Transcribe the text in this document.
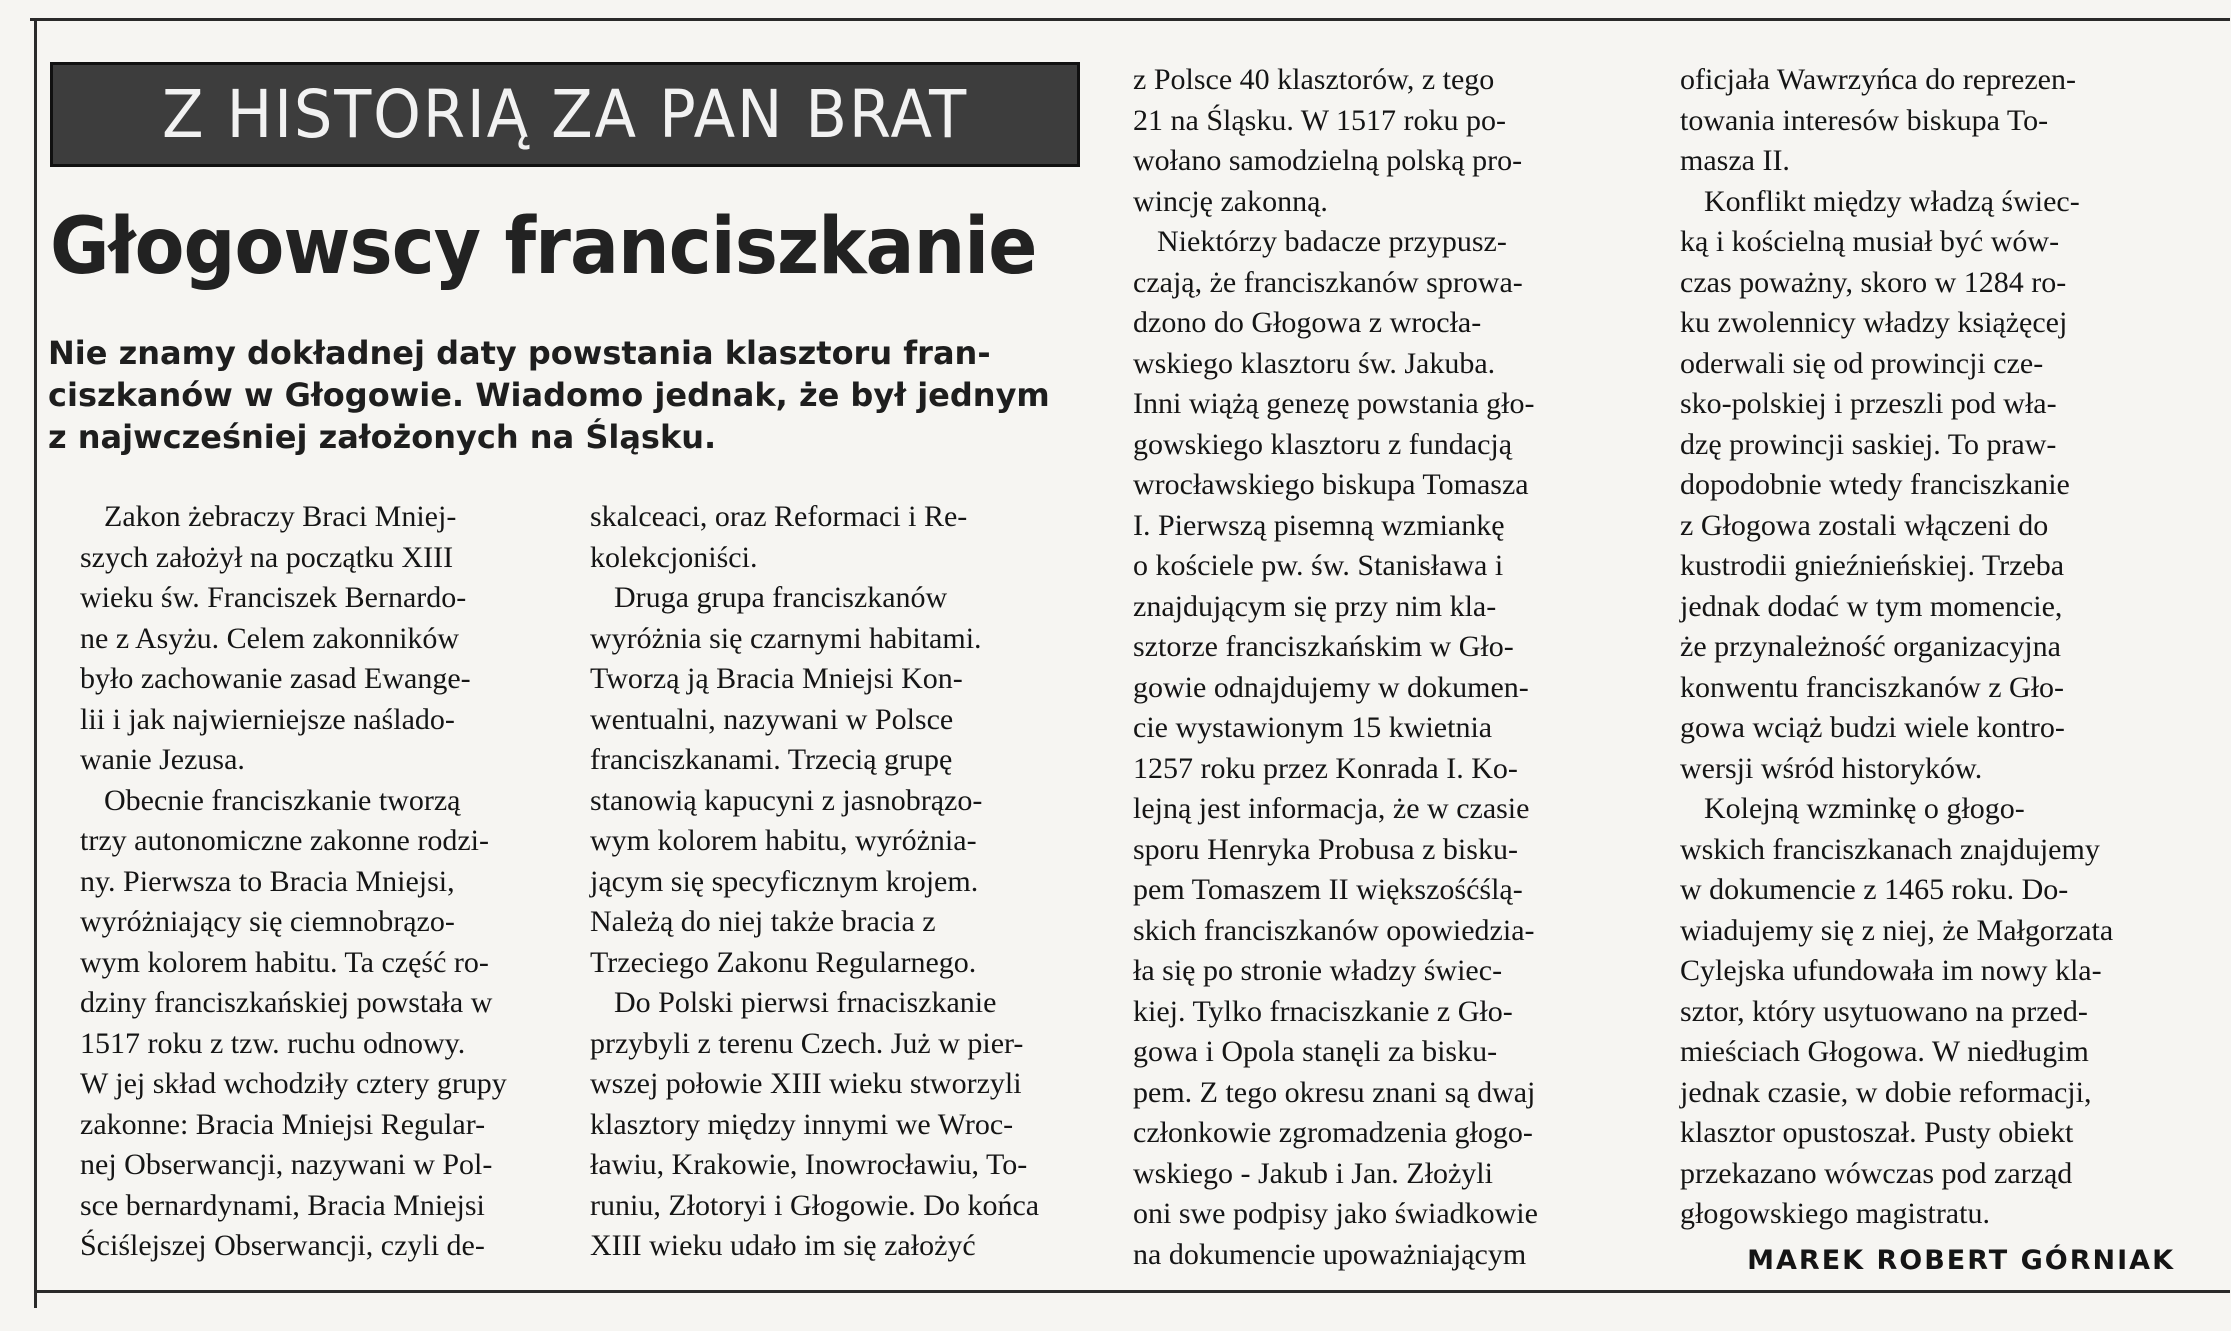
Z HISTORIĄ ZA PAN BRAT
Głogowscy franciszkanie
Nie znamy dokładnej daty powstania klasztoru fran-
ciszkanów w Głogowie. Wiadomo jednak, że był jednym
z najwcześniej założonych na Śląsku.
Zakon żebraczy Braci Mniej-
szych założył na początku XIII
wieku św. Franciszek Bernardo-
ne z Asyżu. Celem zakonników
było zachowanie zasad Ewange-
lii i jak najwierniejsze naślado-
wanie Jezusa.
Obecnie franciszkanie tworzą
trzy autonomiczne zakonne rodzi-
ny. Pierwsza to Bracia Mniejsi,
wyróżniający się ciemnobrązo-
wym kolorem habitu. Ta część ro-
dziny franciszkańskiej powstała w
1517 roku z tzw. ruchu odnowy.
W jej skład wchodziły cztery grupy
zakonne: Bracia Mniejsi Regular-
nej Obserwancji, nazywani w Pol-
sce bernardynami, Bracia Mniejsi
Ściślejszej Obserwancji, czyli de-
skalceaci, oraz Reformaci i Re-
kolekcjoniści.
Druga grupa franciszkanów
wyróżnia się czarnymi habitami.
Tworzą ją Bracia Mniejsi Kon-
wentualni, nazywani w Polsce
franciszkanami. Trzecią grupę
stanowią kapucyni z jasnobrązo-
wym kolorem habitu, wyróżnia-
jącym się specyficznym krojem.
Należą do niej także bracia z
Trzeciego Zakonu Regularnego.
Do Polski pierwsi frnaciszkanie
przybyli z terenu Czech. Już w pier-
wszej połowie XIII wieku stworzyli
klasztory między innymi we Wroc-
ławiu, Krakowie, Inowrocławiu, To-
runiu, Złotoryi i Głogowie. Do końca
XIII wieku udało im się założyć
z Polsce 40 klasztorów, z tego
21 na Śląsku. W 1517 roku po-
wołano samodzielną polską pro-
wincję zakonną.
Niektórzy badacze przypusz-
czają, że franciszkanów sprowa-
dzono do Głogowa z wrocła-
wskiego klasztoru św. Jakuba.
Inni wiążą genezę powstania gło-
gowskiego klasztoru z fundacją
wrocławskiego biskupa Tomasza
I. Pierwszą pisemną wzmiankę
o kościele pw. św. Stanisława i
znajdującym się przy nim kla-
sztorze franciszkańskim w Gło-
gowie odnajdujemy w dokumen-
cie wystawionym 15 kwietnia
1257 roku przez Konrada I. Ko-
lejną jest informacja, że w czasie
sporu Henryka Probusa z bisku-
pem Tomaszem II większośćślą-
skich franciszkanów opowiedzia-
ła się po stronie władzy świec-
kiej. Tylko frnaciszkanie z Gło-
gowa i Opola stanęli za bisku-
pem. Z tego okresu znani są dwaj
członkowie zgromadzenia głogo-
wskiego - Jakub i Jan. Złożyli
oni swe podpisy jako świadkowie
na dokumencie upoważniającym
oficjała Wawrzyńca do reprezen-
towania interesów biskupa To-
masza II.
Konflikt między władzą świec-
ką i kościelną musiał być wów-
czas poważny, skoro w 1284 ro-
ku zwolennicy władzy książęcej
oderwali się od prowincji cze-
sko-polskiej i przeszli pod wła-
dzę prowincji saskiej. To praw-
dopodobnie wtedy franciszkanie
z Głogowa zostali włączeni do
kustrodii gnieźnieńskiej. Trzeba
jednak dodać w tym momencie,
że przynależność organizacyjna
konwentu franciszkanów z Gło-
gowa wciąż budzi wiele kontro-
wersji wśród historyków.
Kolejną wzminkę o głogo-
wskich franciszkanach znajdujemy
w dokumencie z 1465 roku. Do-
wiadujemy się z niej, że Małgorzata
Cylejska ufundowała im nowy kla-
sztor, który usytuowano na przed-
mieściach Głogowa. W niedługim
jednak czasie, w dobie reformacji,
klasztor opustoszał. Pusty obiekt
przekazano wówczas pod zarząd
głogowskiego magistratu.
MAREK ROBERT GÓRNIAK
